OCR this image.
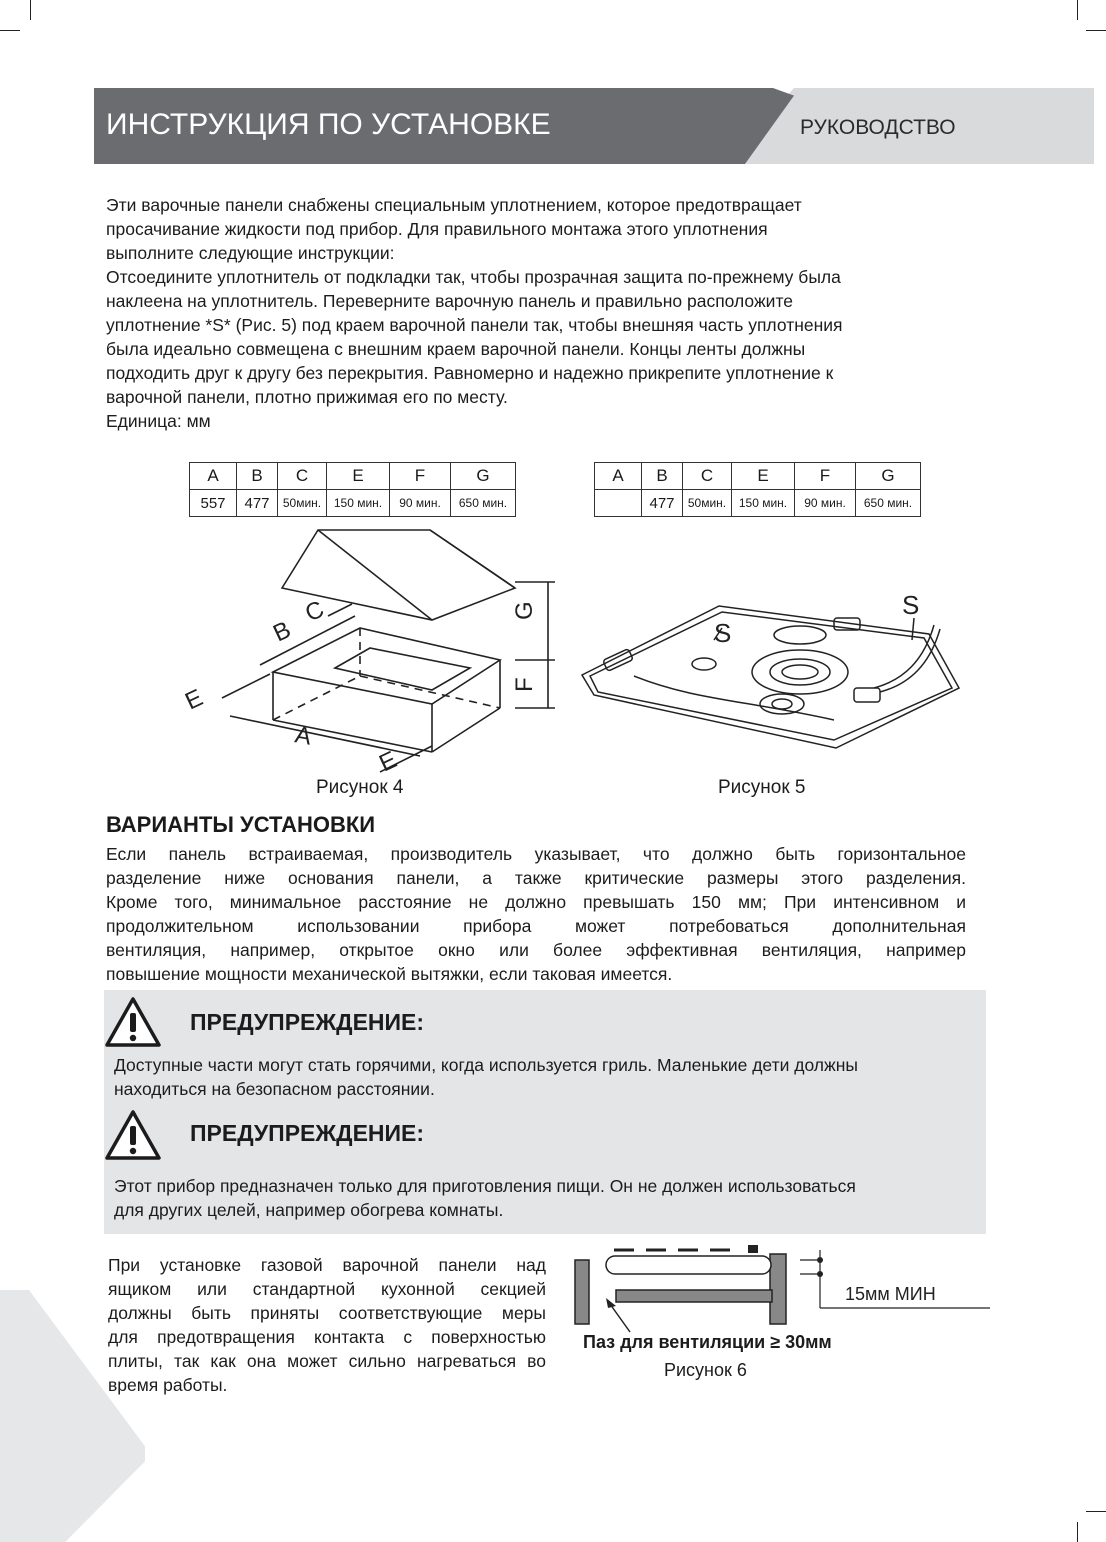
ИНСТРУКЦИЯ ПО УСТАНОВКЕ	РУКОВОДСТВО
Эти варочные панели снабжены специальным уплотнением, которое предотвращает
просачивание жидкости под прибор. Для правильного монтажа этого уплотнения
выполните следующие инструкции:
Отсоедините уплотнитель от подкладки так, чтобы прозрачная защита по-прежнему была
наклеена на уплотнитель. Переверните варочную панель и правильно расположите
уплотнение *S* (Рис. 5) под краем варочной панели так, чтобы внешняя часть уплотнения
была идеально совмещена с внешним краем варочной панели. Концы ленты должны
подходить друг к другу без перекрытия. Равномерно и надежно прикрепите уплотнение к
варочной панели, плотно прижимая его по месту.
Единица: мм
A	B	C	E	F	G
557	477	50мин.	150 мин.	90 мин.	650 мин.
A	B	C	E	F	G
	477	50мин.	150 мин.	90 мин.	650 мин.
C
B
E
A
E
G
F
S
S
Рисунок 4	Рисунок 5
ВАРИАНТЫ УСТАНОВКИ
Если панель встраиваемая, производитель указывает, что должно быть горизонтальное
разделение ниже основания панели, а также критические размеры этого разделения.
Кроме того, минимальное расстояние не должно превышать 150 мм; При интенсивном и
продолжительном использовании прибора может потребоваться дополнительная
вентиляция, например, открытое окно или более эффективная вентиляция, например
повышение мощности механической вытяжки, если таковая имеется.
ПРЕДУПРЕЖДЕНИЕ:
Доступные части могут стать горячими, когда используется гриль. Маленькие дети должны
находиться на безопасном расстоянии.
ПРЕДУПРЕЖДЕНИЕ:
Этот прибор предназначен только для приготовления пищи. Он не должен использоваться
для других целей, например обогрева комнаты.
При установке газовой варочной панели над
ящиком или стандартной кухонной секцией
должны быть приняты соответствующие меры
для предотвращения контакта с поверхностью
плиты, так как она может сильно нагреваться во
время работы.
15мм МИН
Паз для вентиляции ≥ 30мм
Рисунок 6
